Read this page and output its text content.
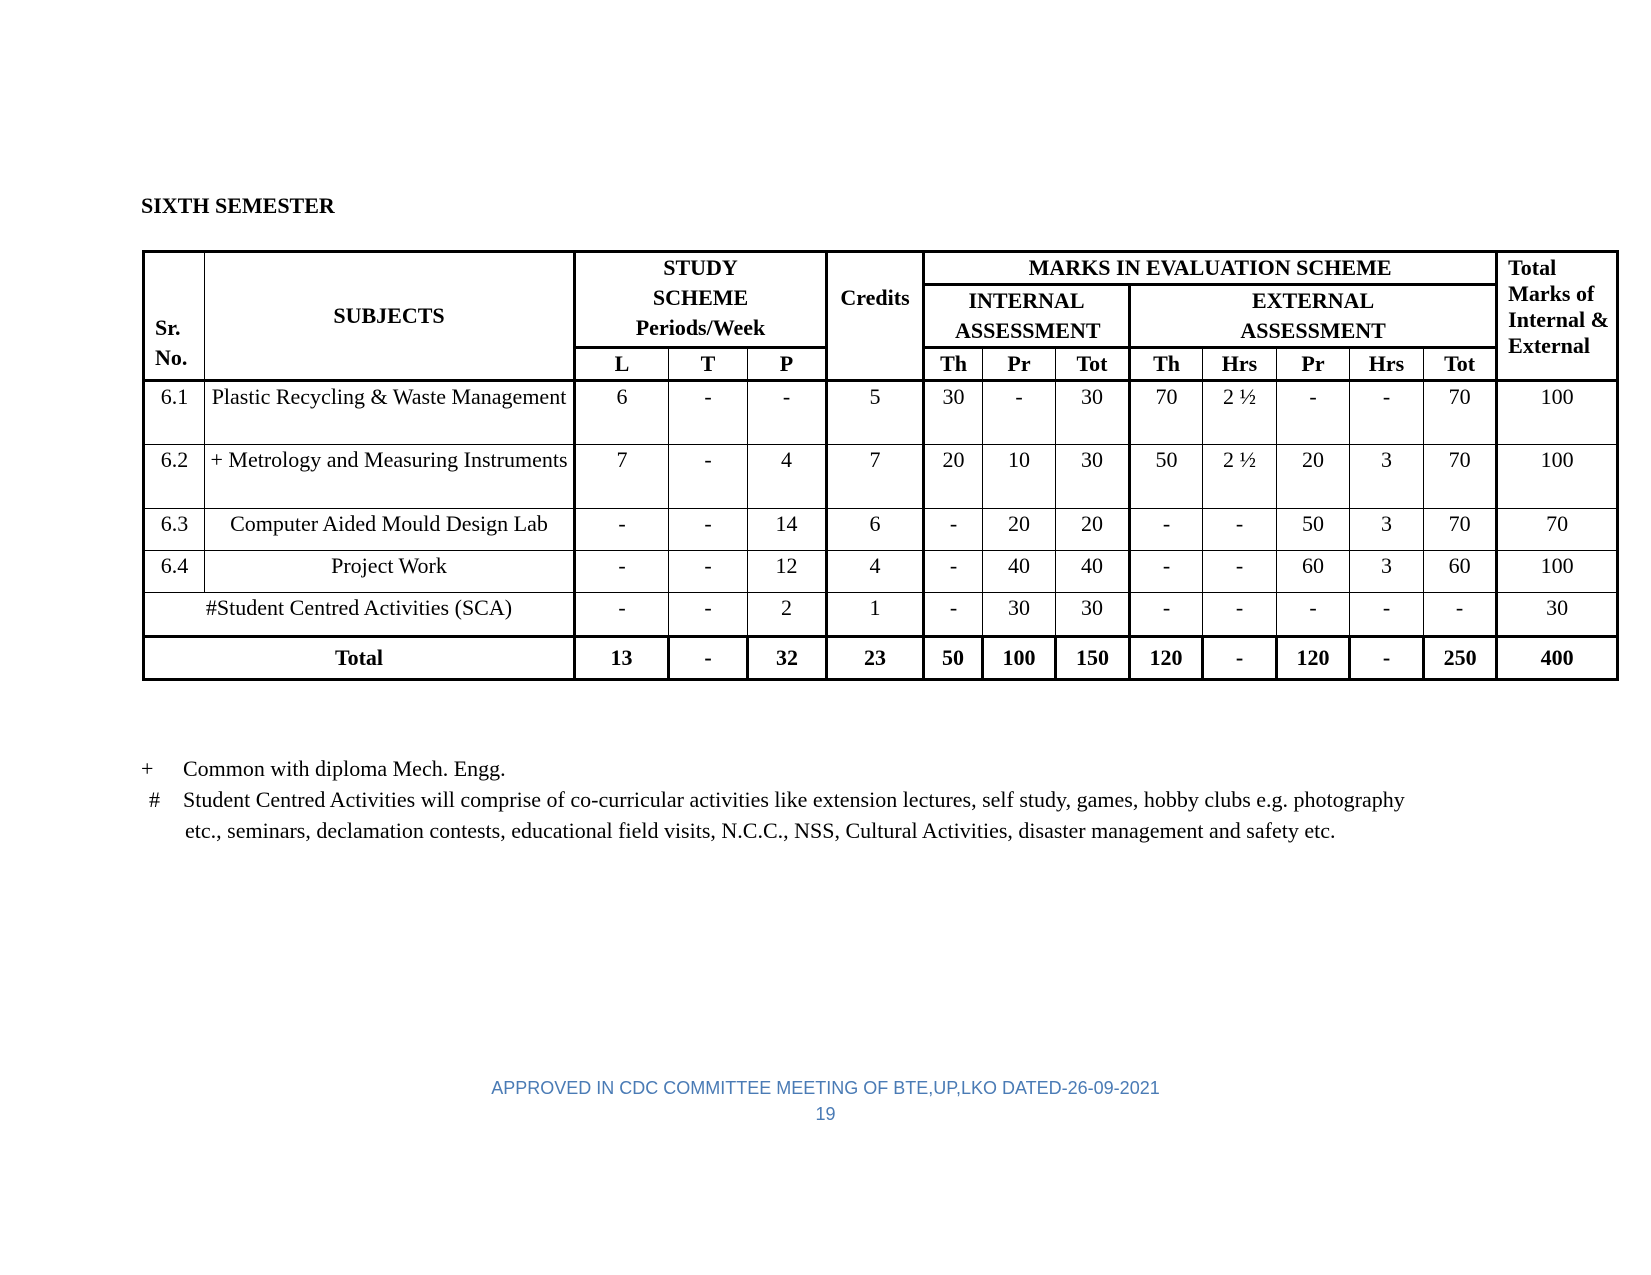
SIXTH SEMESTER
Sr. No.	SUBJECTS	STUDY SCHEME Periods/Week			Credits	MARKS IN EVALUATION SCHEME								Total Marks of Internal & External
						INTERNAL ASSESSMENT			EXTERNAL ASSESSMENT					
		L	T	P		Th	Pr	Tot	Th	Hrs	Pr	Hrs	Tot	
6.1	Plastic Recycling & Waste Management	6	-	-	5	30	-	30	70	2 ½	-	-	70	100
6.2	+ Metrology and Measuring Instruments	7	-	4	7	20	10	30	50	2 ½	20	3	70	100
6.3	Computer Aided Mould Design Lab	-	-	14	6	-	20	20	-	-	50	3	70	70
6.4	Project Work	-	-	12	4	-	40	40	-	-	60	3	60	100
#Student Centred Activities (SCA)		-	-	2	1	-	30	30	-	-	-	-	-	30
Total		13	-	32	23	50	100	150	120	-	120	-	250	400
+ Common with diploma Mech. Engg.
# Student Centred Activities will comprise of co-curricular activities like extension lectures, self study, games, hobby clubs e.g. photography
etc., seminars, declamation contests, educational field visits, N.C.C., NSS, Cultural Activities, disaster management and safety etc.
APPROVED IN CDC COMMITTEE MEETING OF BTE,UP,LKO DATED-26-09-2021
19
